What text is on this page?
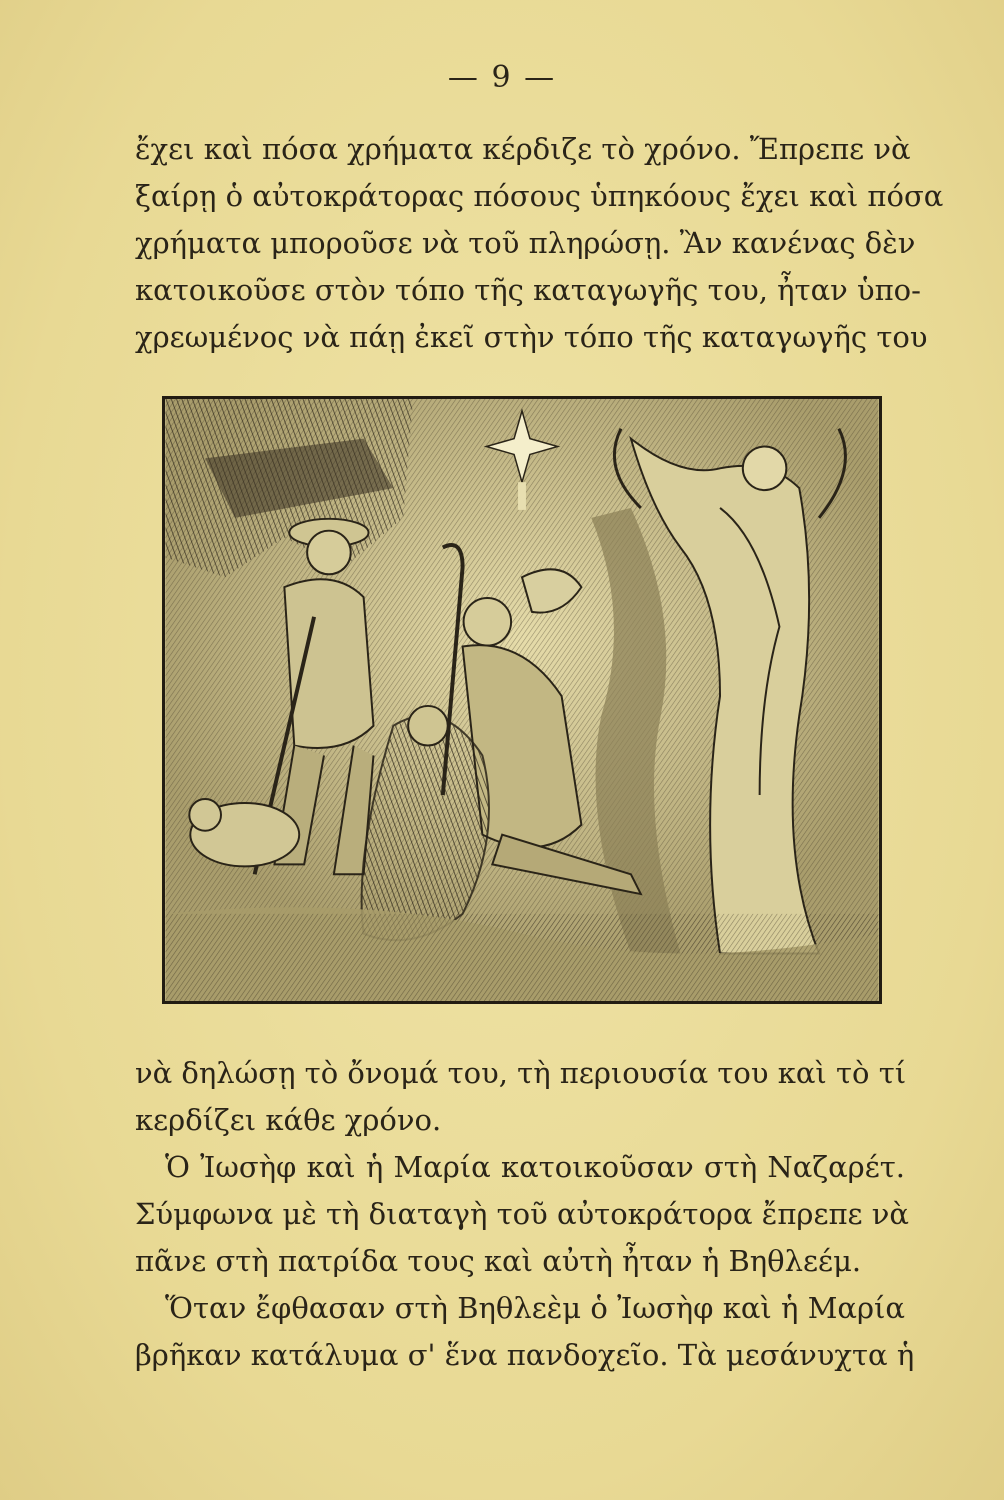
— 9 —
ἔχει καὶ πόσα χρήματα κέρδιζε τὸ χρόνο. Ἔπρεπε νὰ
ξαίρῃ ὁ αὐτοκράτορας πόσους ὑπηκόους ἔχει καὶ πόσα
χρήματα μποροῦσε νὰ τοῦ πληρώσῃ. Ἂν κανένας δὲν
κατοικοῦσε στὸν τόπο τῆς καταγωγῆς του, ἦταν ὑπο-
χρεωμένος νὰ πάῃ ἐκεῖ στὴν τόπο τῆς καταγωγῆς του
νὰ δηλώσῃ τὸ ὄνομά του, τὴ περιουσία του καὶ τὸ τί
κερδίζει κάθε χρόνο.
Ὁ Ἰωσὴφ καὶ ἡ Μαρία κατοικοῦσαν στὴ Ναζαρέτ.
Σύμφωνα μὲ τὴ διαταγὴ τοῦ αὐτοκράτορα ἔπρεπε νὰ
πᾶνε στὴ πατρίδα τους καὶ αὐτὴ ἦταν ἡ Βηθλεέμ.
Ὅταν ἔφθασαν στὴ Βηθλεὲμ ὁ Ἰωσὴφ καὶ ἡ Μαρία
βρῆκαν κατάλυμα σ' ἕνα πανδοχεῖο. Τὰ μεσάνυχτα ἡ
